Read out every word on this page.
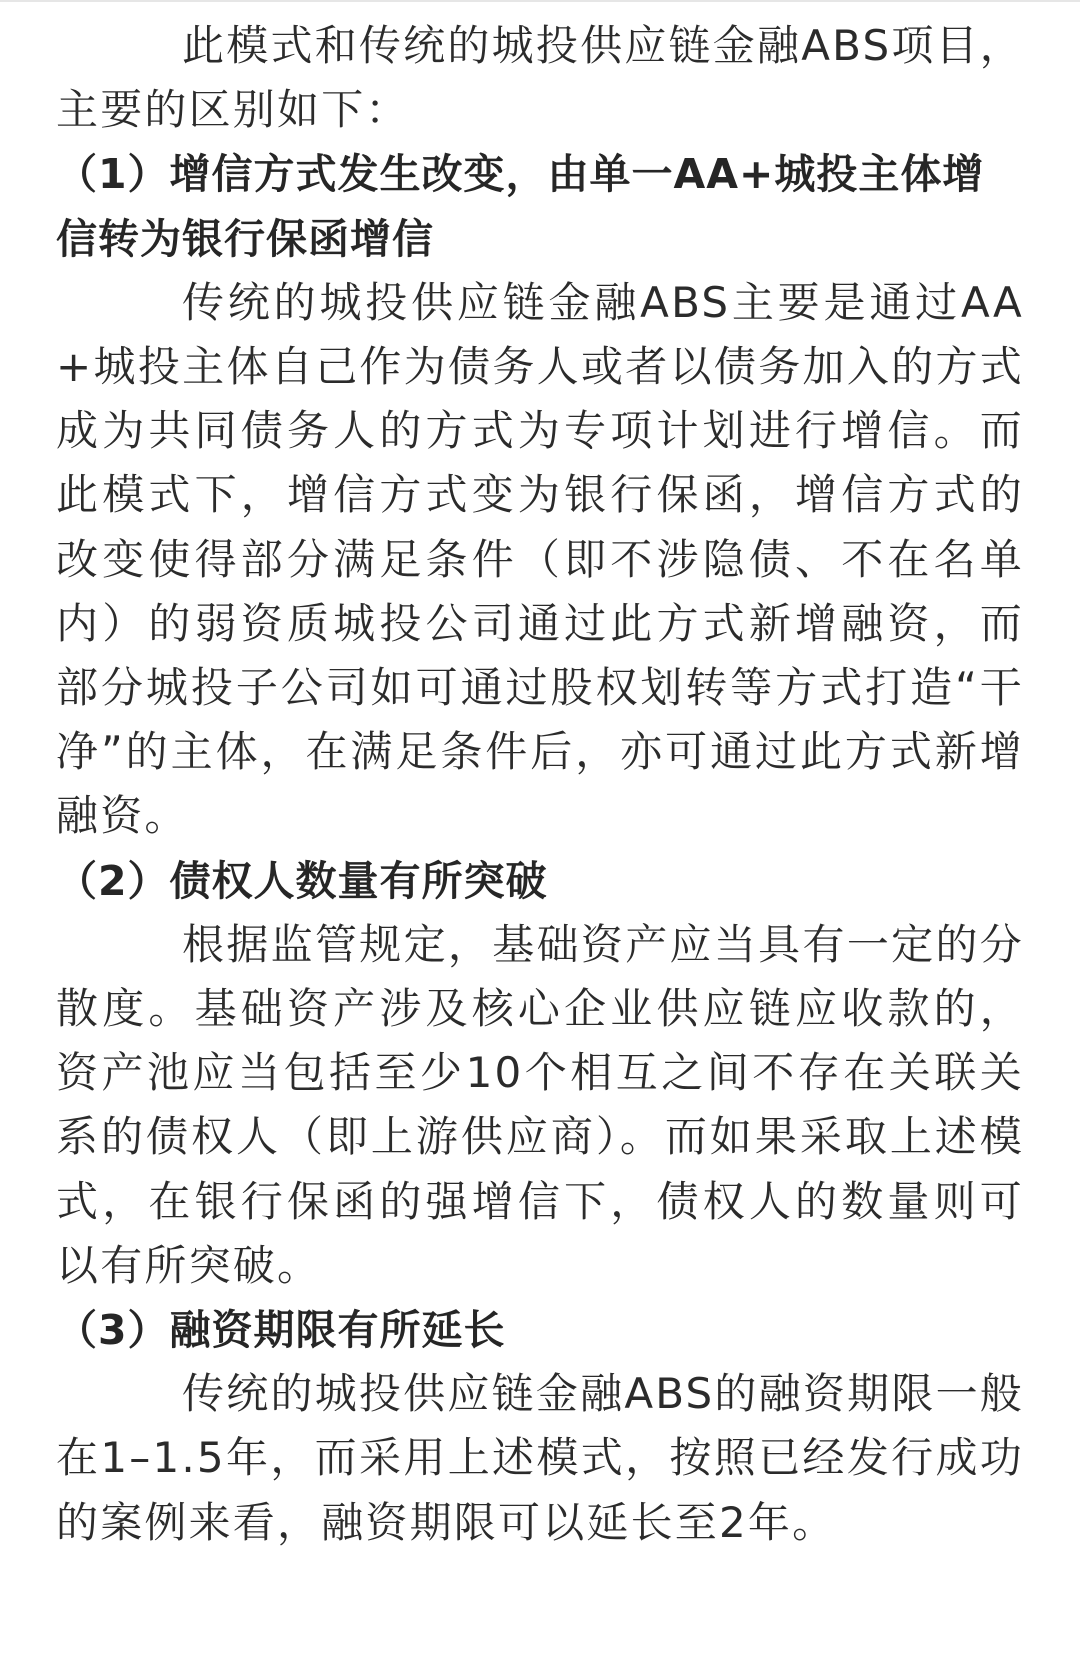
此模式和传统的城投供应链金融ABS项目，主要的区别如下：

（1）增信方式发生改变，由单一AA+城投主体增信转为银行保函增信

传统的城投供应链金融ABS主要是通过AA+城投主体自己作为债务人或者以债务加入的方式成为共同债务人的方式为专项计划进行增信。而此模式下，增信方式变为银行保函，增信方式的改变使得部分满足条件（即不涉隐债、不在名单内）的弱资质城投公司通过此方式新增融资，而部分城投子公司如可通过股权划转等方式打造“干净”的主体，在满足条件后，亦可通过此方式新增融资。

（2）债权人数量有所突破

根据监管规定，基础资产应当具有一定的分散度。基础资产涉及核心企业供应链应收款的，资产池应当包括至少10个相互之间不存在关联关系的债权人（即上游供应商）。而如果采取上述模式，在银行保函的强增信下，债权人的数量则可以有所突破。

（3）融资期限有所延长

传统的城投供应链金融ABS的融资期限一般在1–1.5年，而采用上述模式，按照已经发行成功的案例来看，融资期限可以延长至2年。
